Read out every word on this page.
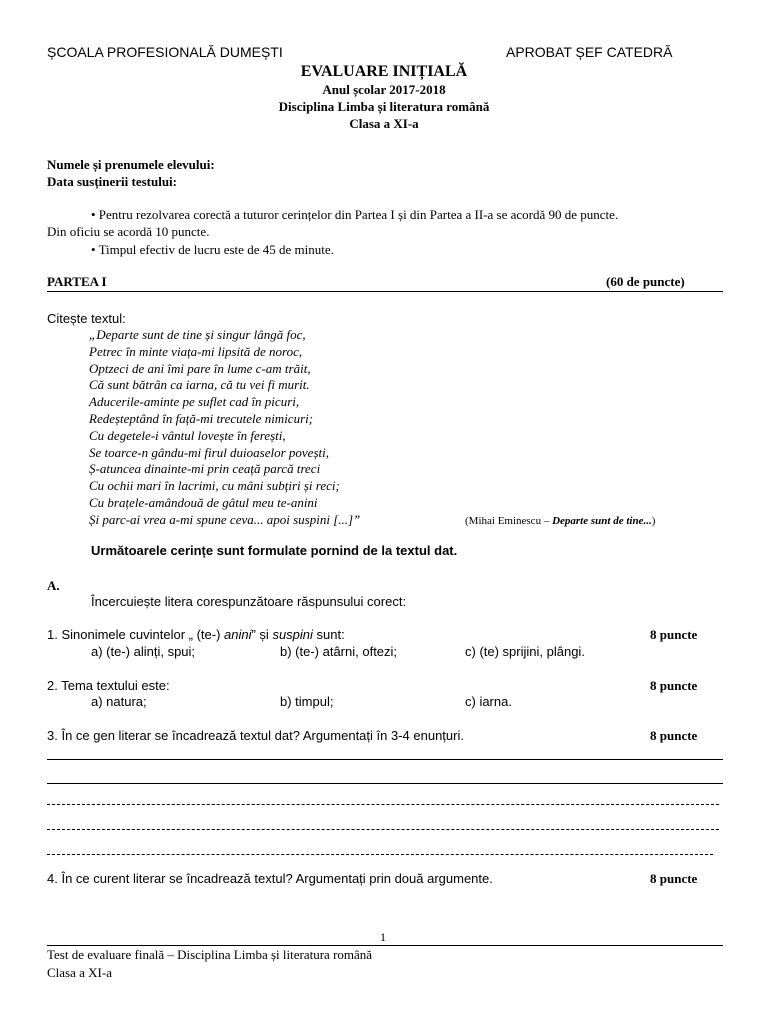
ȘCOALA PROFESIONALĂ DUMEȘTI	APROBAT ȘEF CATEDRĂ
EVALUARE INIȚIALĂ
Anul școlar 2017-2018
Disciplina Limba și literatura română
Clasa a XI-a
Numele și prenumele elevului:
Data susținerii testului:
• Pentru rezolvarea corectă a tuturor cerințelor din Partea I și din Partea a II-a se acordă 90 de puncte.
Din oficiu se acordă 10 puncte.
• Timpul efectiv de lucru este de 45 de minute.
PARTEA I	(60 de puncte)
Citește textul:
„Departe sunt de tine și singur lângă foc,
Petrec în minte viața-mi lipsită de noroc,
Optzeci de ani îmi pare în lume c-am trăit,
Că sunt bătrân ca iarna, că tu vei fi murit.
Aducerile-aminte pe suflet cad în picuri,
Redeșteptând în față-mi trecutele nimicuri;
Cu degetele-i vântul lovește în ferești,
Se toarce-n gându-mi firul duioaselor povești,
Ș-atuncea dinainte-mi prin ceață parcă treci
Cu ochii mari în lacrimi, cu mâni subțiri și reci;
Cu brațele-amândouă de gâtul meu te-anini
Și parc-ai vrea a-mi spune ceva... apoi suspini [...]”	(Mihai Eminescu – Departe sunt de tine...)
Următoarele cerințe sunt formulate pornind de la textul dat.
A.
Încercuiește litera corespunzătoare răspunsului corect:
1. Sinonimele cuvintelor „ (te-) anini” și suspini sunt:	8 puncte
a) (te-) alinți, spui;	b) (te-) atârni, oftezi;	c) (te) sprijini, plângi.
2. Tema textului este:	8 puncte
a) natura;	b) timpul;	c) iarna.
3. În ce gen literar se încadrează textul dat? Argumentați în 3-4 enunțuri.	8 puncte
4. În ce curent literar se încadrează textul? Argumentați prin două argumente.	8 puncte
1
Test de evaluare finală – Disciplina Limba și literatura română
Clasa a XI-a
